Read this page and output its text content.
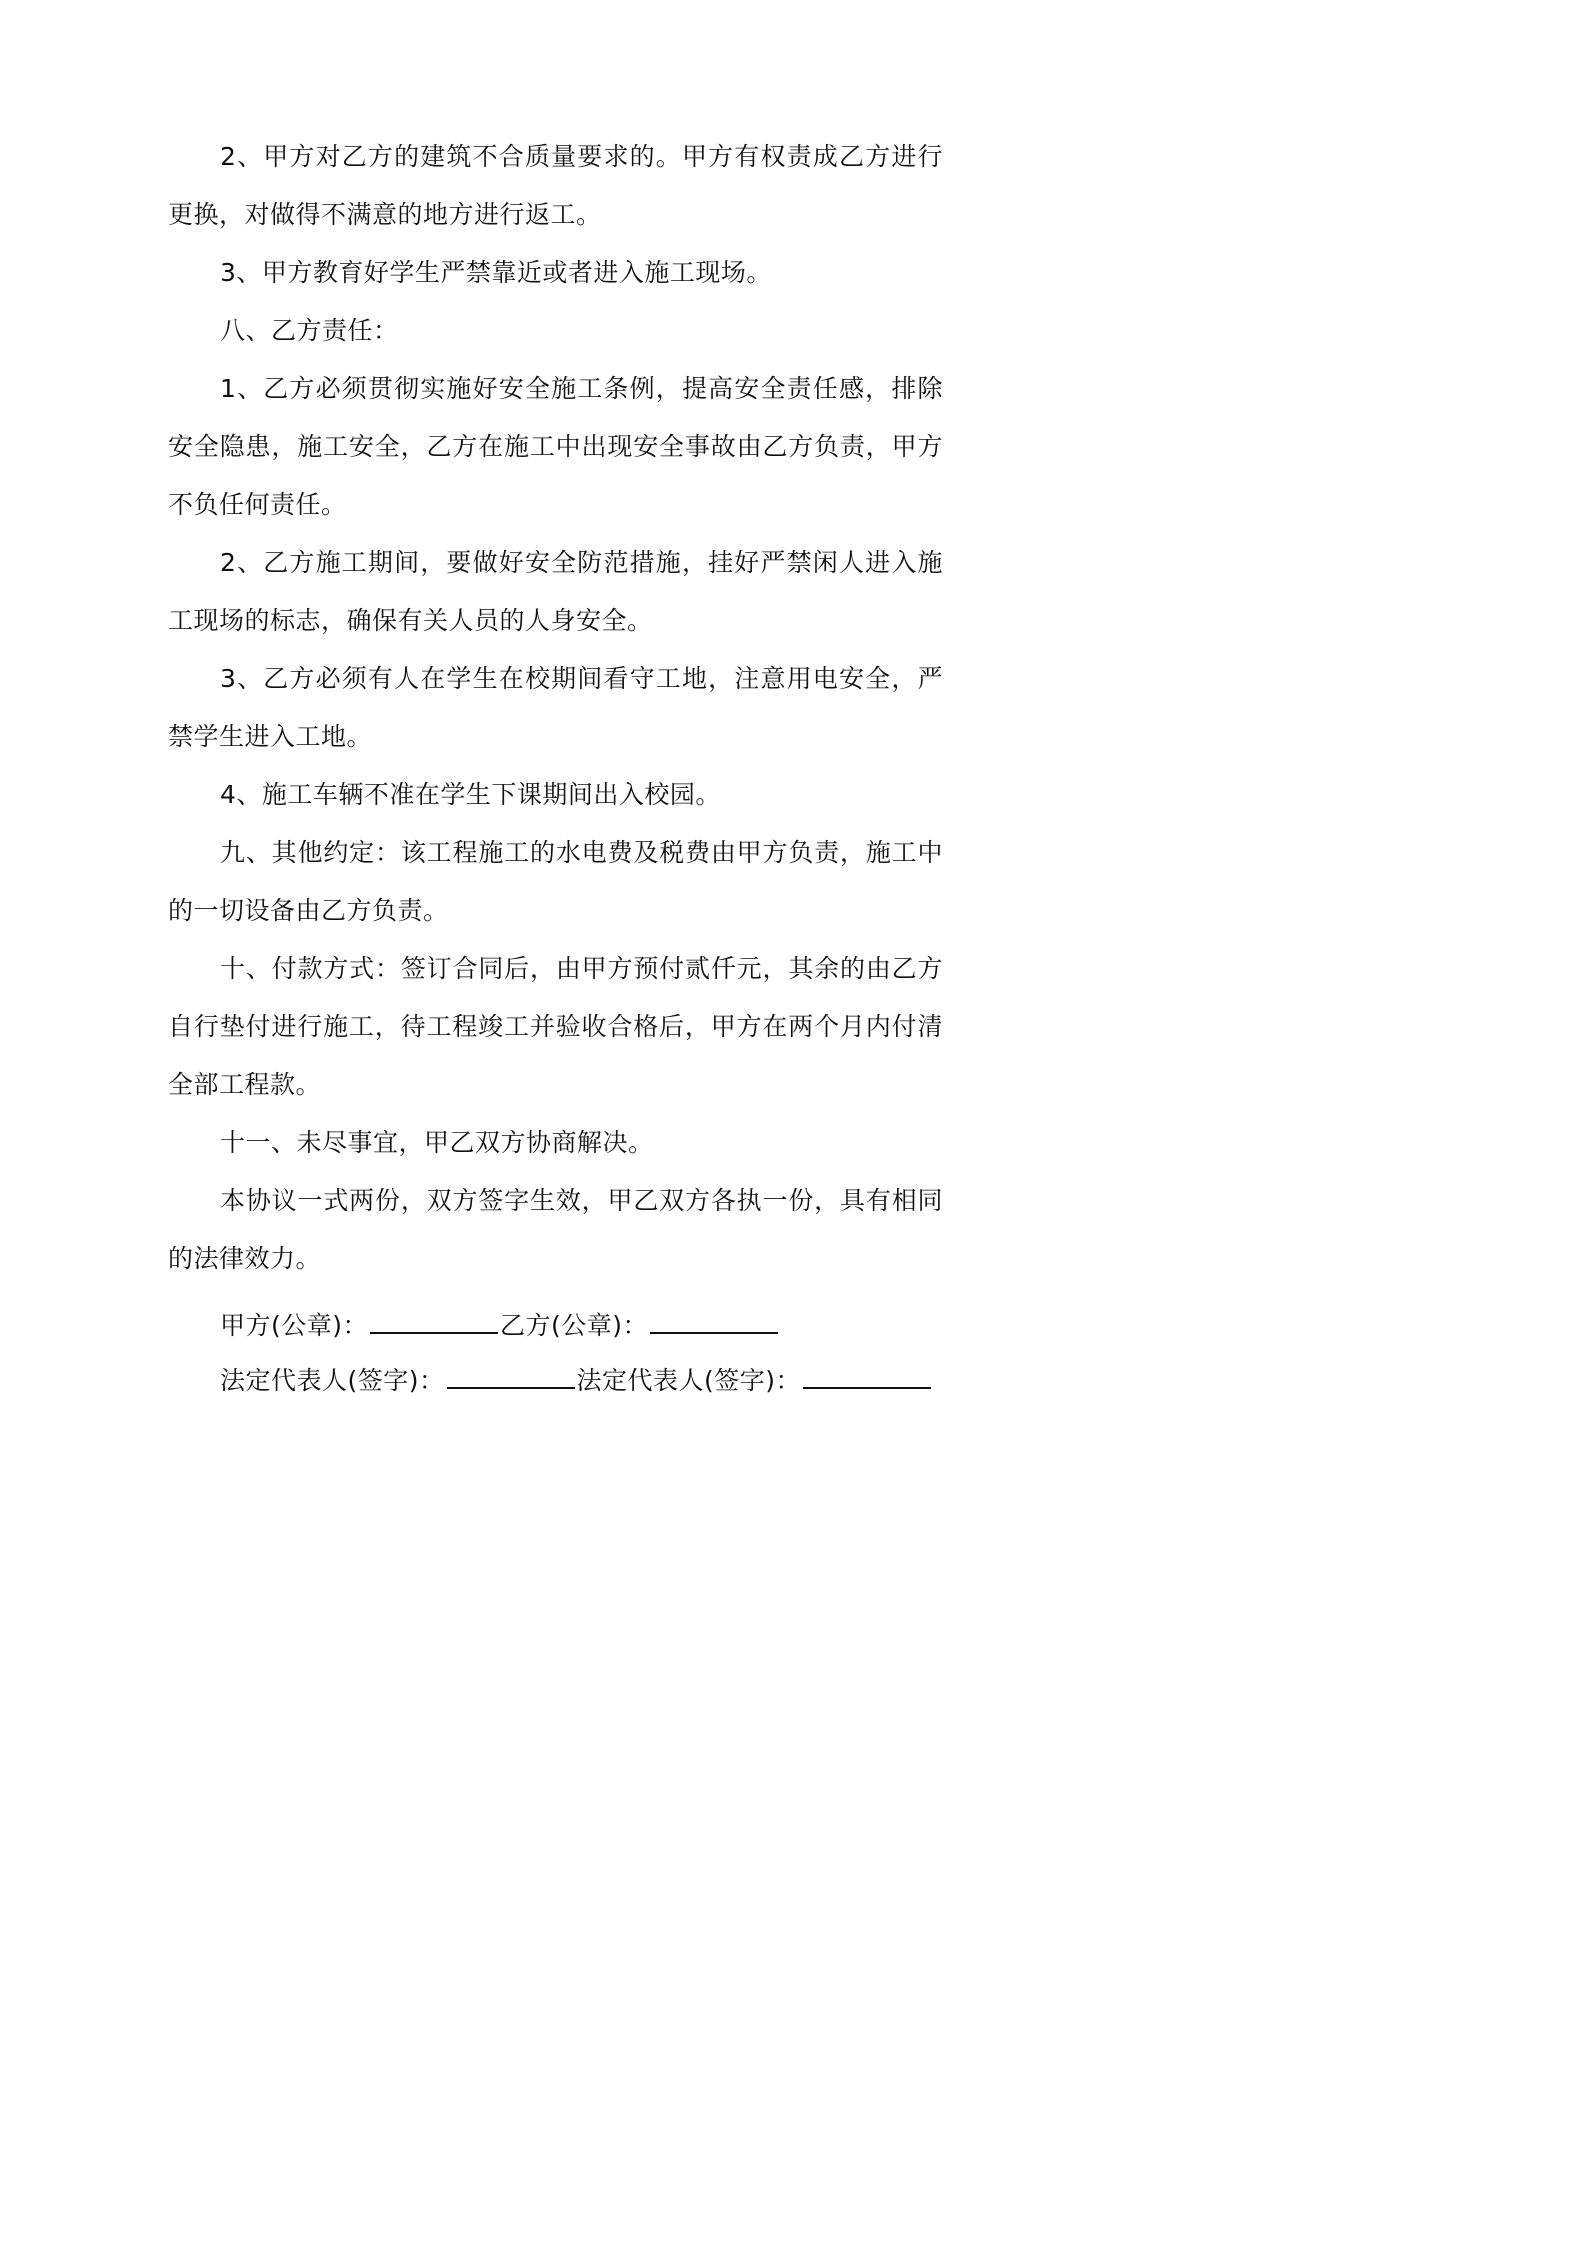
2、甲方对乙方的建筑不合质量要求的。甲方有权责成乙方进行更换，对做得不满意的地方进行返工。

3、甲方教育好学生严禁靠近或者进入施工现场。

八、乙方责任：

1、乙方必须贯彻实施好安全施工条例，提高安全责任感，排除安全隐患，施工安全，乙方在施工中出现安全事故由乙方负责，甲方不负任何责任。

2、乙方施工期间，要做好安全防范措施，挂好严禁闲人进入施工现场的标志，确保有关人员的人身安全。

3、乙方必须有人在学生在校期间看守工地，注意用电安全，严禁学生进入工地。

4、施工车辆不准在学生下课期间出入校园。

九、其他约定：该工程施工的水电费及税费由甲方负责，施工中的一切设备由乙方负责。

十、付款方式：签订合同后，由甲方预付贰仟元，其余的由乙方自行垫付进行施工，待工程竣工并验收合格后，甲方在两个月内付清全部工程款。

十一、未尽事宜，甲乙双方协商解决。

本协议一式两份，双方签字生效，甲乙双方各执一份，具有相同的法律效力。

甲方(公章)：	乙方(公章)：

法定代表人(签字)：	法定代表人(签字)：
